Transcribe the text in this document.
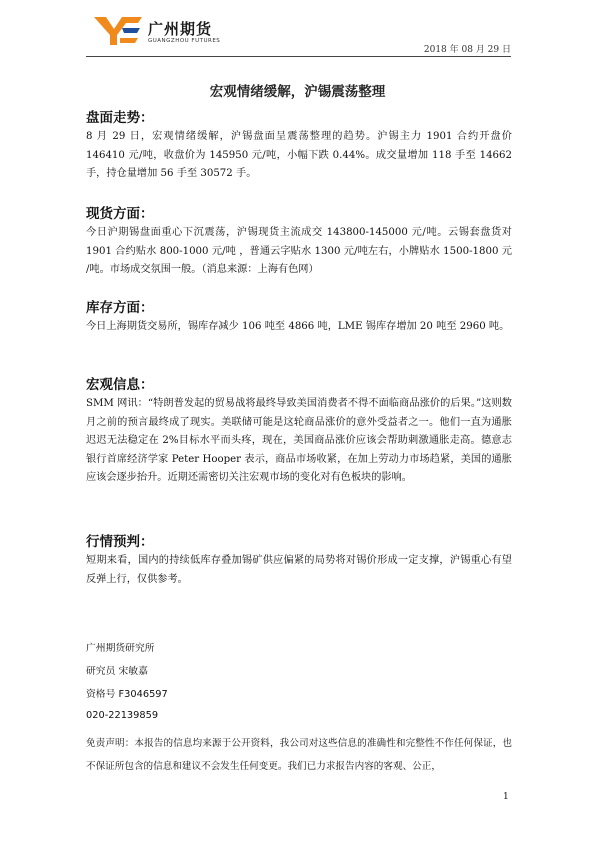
广州期货
GUANGZHOU FUTURES
2018 年 08 月 29 日
宏观情绪缓解，沪锡震荡整理
盘面走势：

8 月 29 日，宏观情绪缓解，沪锡盘面呈震荡整理的趋势。沪锡主力 1901 合约开盘价 146410 元/吨，收盘价为 145950 元/吨，小幅下跌 0.44%。成交量增加 118 手至 14662 手，持仓量增加 56 手至 30572 手。

现货方面：

今日沪期锡盘面重心下沉震荡，沪锡现货主流成交 143800-145000 元/吨。云锡套盘货对 1901 合约贴水 800-1000 元/吨 ，普通云字贴水 1300 元/吨左右，小牌贴水 1500-1800 元 /吨。市场成交氛围一般。（消息来源：上海有色网）

库存方面：

今日上海期货交易所，锡库存减少 106 吨至 4866 吨，LME 锡库存增加 20 吨至 2960 吨。

宏观信息：

SMM 网讯：“特朗普发起的贸易战将最终导致美国消费者不得不面临商品涨价的后果。”这则数月之前的预言最终成了现实。美联储可能是这轮商品涨价的意外受益者之一。他们一直为通胀迟迟无法稳定在 2%目标水平而头疼，现在，美国商品涨价应该会帮助刺激通胀走高。德意志银行首席经济学家 Peter Hooper 表示，商品市场收紧，在加上劳动力市场趋紧，美国的通胀应该会逐步抬升。近期还需密切关注宏观市场的变化对有色板块的影响。

行情预判：

短期来看，国内的持续低库存叠加锡矿供应偏紧的局势将对锡价形成一定支撑，沪锡重心有望反弹上行，仅供参考。

广州期货研究所
研究员 宋敏嘉
资格号 F3046597
020-22139859
免责声明：本报告的信息均来源于公开资料，我公司对这些信息的准确性和完整性不作任何保证，也不保证所包含的信息和建议不会发生任何变更。我们已力求报告内容的客观、公正，
1
